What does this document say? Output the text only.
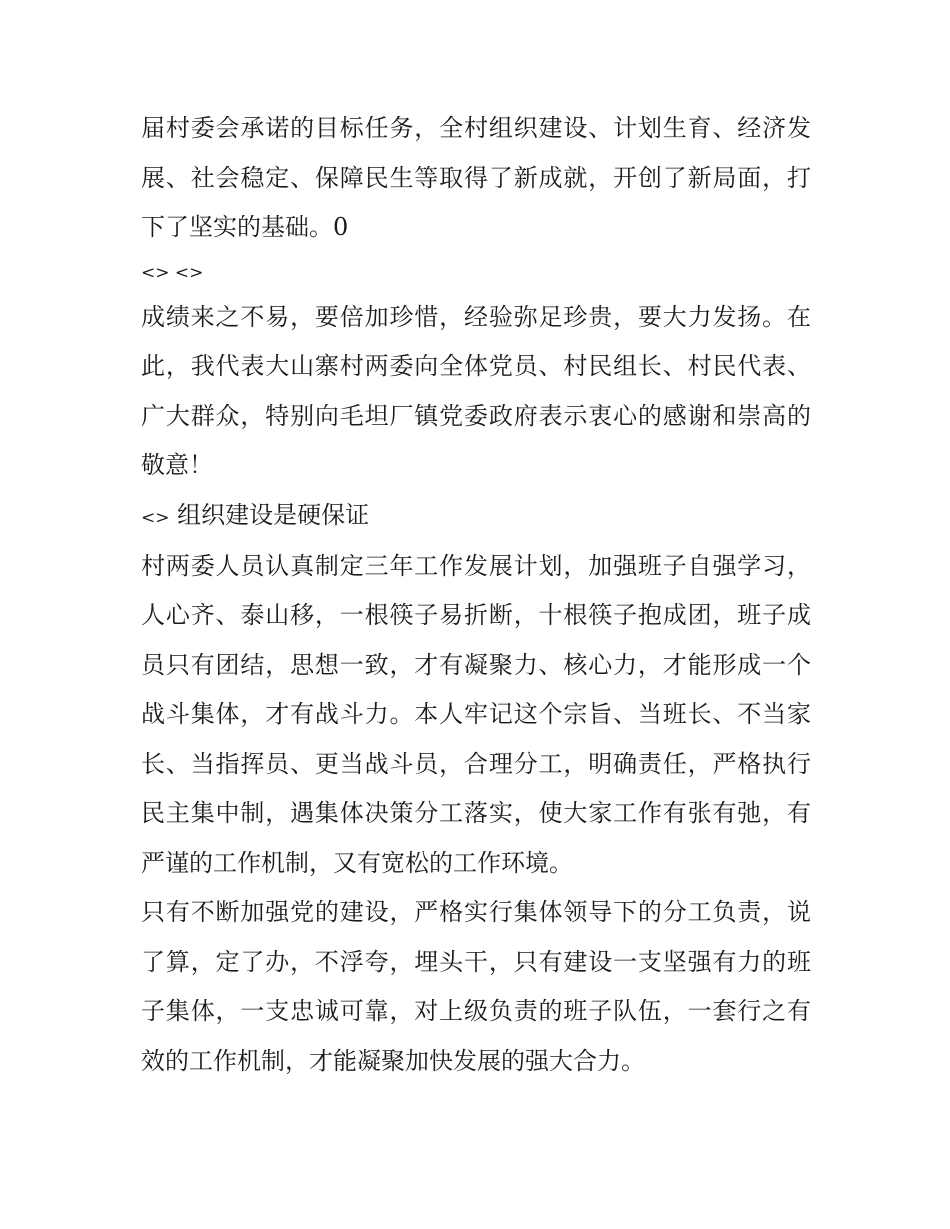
届村委会承诺的目标任务，全村组织建设、计划生育、经济发展、社会稳定、保障民生等取得了新成就，开创了新局面，打下了坚实的基础。0

<> <>

成绩来之不易，要倍加珍惜，经验弥足珍贵，要大力发扬。在此，我代表大山寨村两委向全体党员、村民组长、村民代表、广大群众，特别向毛坦厂镇党委政府表示衷心的感谢和崇高的敬意！

<> 组织建设是硬保证

村两委人员认真制定三年工作发展计划，加强班子自强学习，人心齐、泰山移，一根筷子易折断，十根筷子抱成团，班子成员只有团结，思想一致，才有凝聚力、核心力，才能形成一个战斗集体，才有战斗力。本人牢记这个宗旨、当班长、不当家长、当指挥员、更当战斗员，合理分工，明确责任，严格执行民主集中制，遇集体决策分工落实，使大家工作有张有弛，有严谨的工作机制，又有宽松的工作环境。

只有不断加强党的建设，严格实行集体领导下的分工负责，说了算，定了办，不浮夸，埋头干，只有建设一支坚强有力的班子集体，一支忠诚可靠，对上级负责的班子队伍，一套行之有效的工作机制，才能凝聚加快发展的强大合力。
